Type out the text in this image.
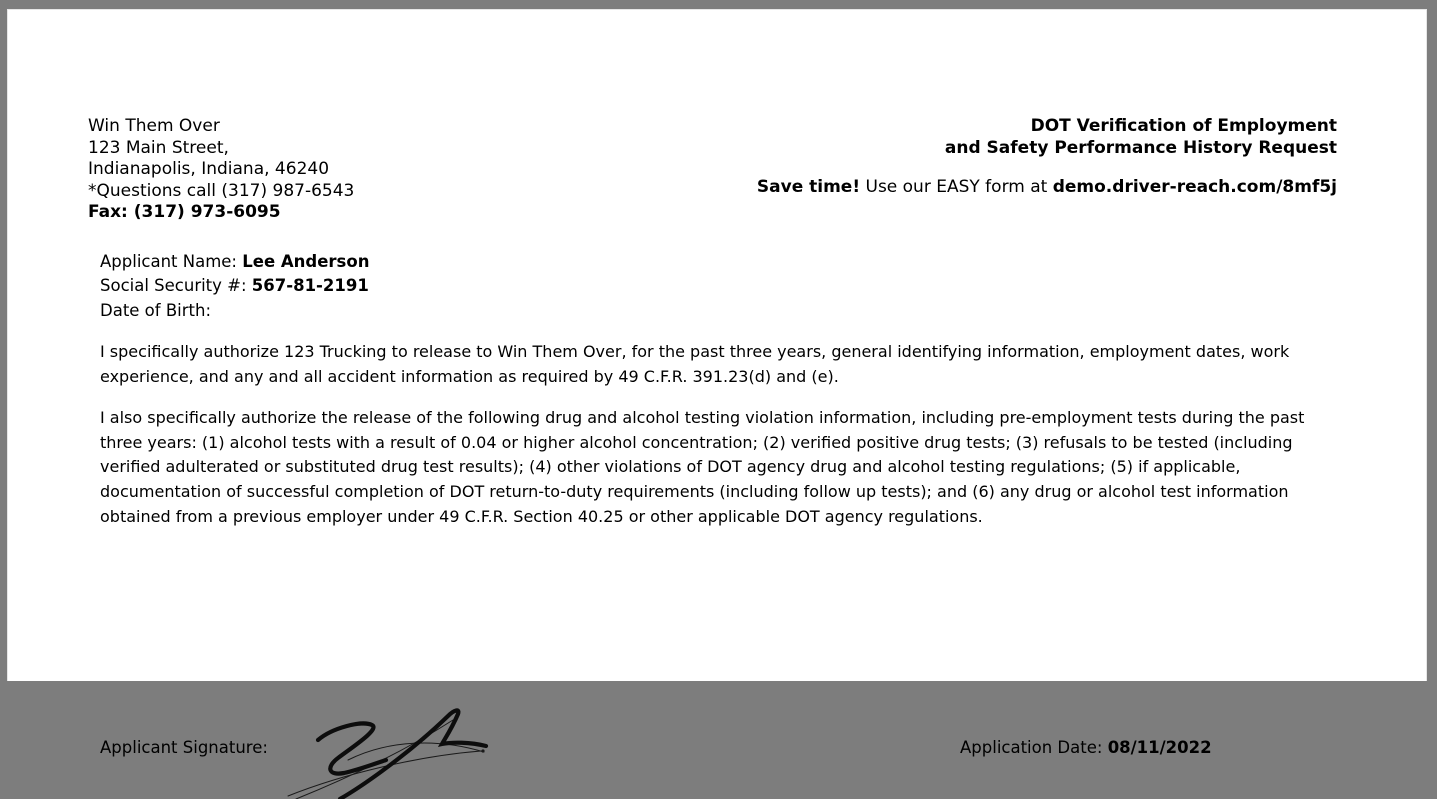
Win Them Over
123 Main Street,
Indianapolis, Indiana, 46240
*Questions call (317) 987-6543
Fax: (317) 973-6095
DOT Verification of Employment
and Safety Performance History Request
Save time! Use our EASY form at demo.driver-reach.com/8mf5j
Applicant Name: Lee Anderson
Social Security #: 567-81-2191
Date of Birth:
I specifically authorize 123 Trucking to release to Win Them Over, for the past three years, general identifying information, employment dates, work experience, and any and all accident information as required by 49 C.F.R. 391.23(d) and (e).
I also specifically authorize the release of the following drug and alcohol testing violation information, including pre-employment tests during the past three years: (1) alcohol tests with a result of 0.04 or higher alcohol concentration; (2) verified positive drug tests; (3) refusals to be tested (including verified adulterated or substituted drug test results); (4) other violations of DOT agency drug and alcohol testing regulations; (5) if applicable, documentation of successful completion of DOT return-to-duty requirements (including follow up tests); and (6) any drug or alcohol test information obtained from a previous employer under 49 C.F.R. Section 40.25 or other applicable DOT agency regulations.
Applicant Signature:	Application Date: 08/11/2022
